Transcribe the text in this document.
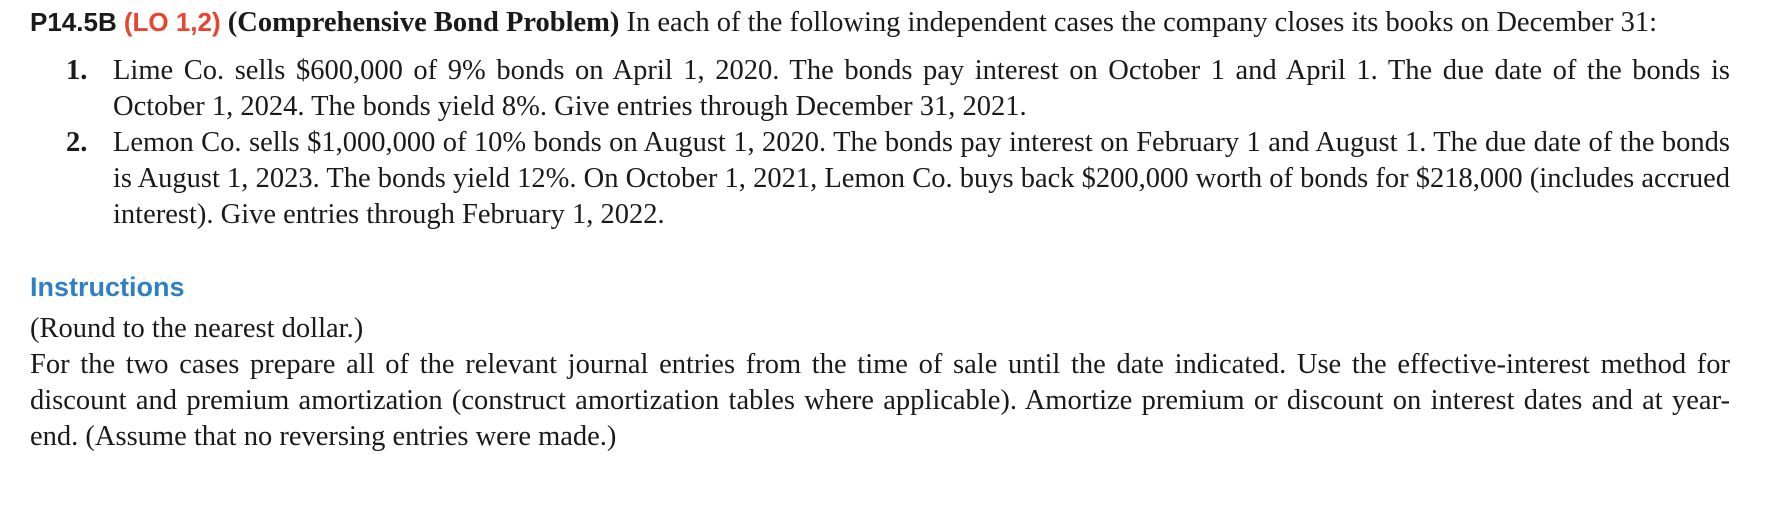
P14.5B (LO 1,2) (Comprehensive Bond Problem) In each of the following independent cases the company closes its books on December 31:

1. Lime Co. sells $600,000 of 9% bonds on April 1, 2020. The bonds pay interest on October 1 and April 1. The due date of the bonds is October 1, 2024. The bonds yield 8%. Give entries through December 31, 2021.
2. Lemon Co. sells $1,000,000 of 10% bonds on August 1, 2020. The bonds pay interest on February 1 and August 1. The due date of the bonds is August 1, 2023. The bonds yield 12%. On October 1, 2021, Lemon Co. buys back $200,000 worth of bonds for $218,000 (includes accrued interest). Give entries through February 1, 2022.
Instructions

(Round to the nearest dollar.)

For the two cases prepare all of the relevant journal entries from the time of sale until the date indicated. Use the effective-interest method for discount and premium amortization (construct amortization tables where applicable). Amortize premium or discount on interest dates and at year-end. (Assume that no reversing entries were made.)
